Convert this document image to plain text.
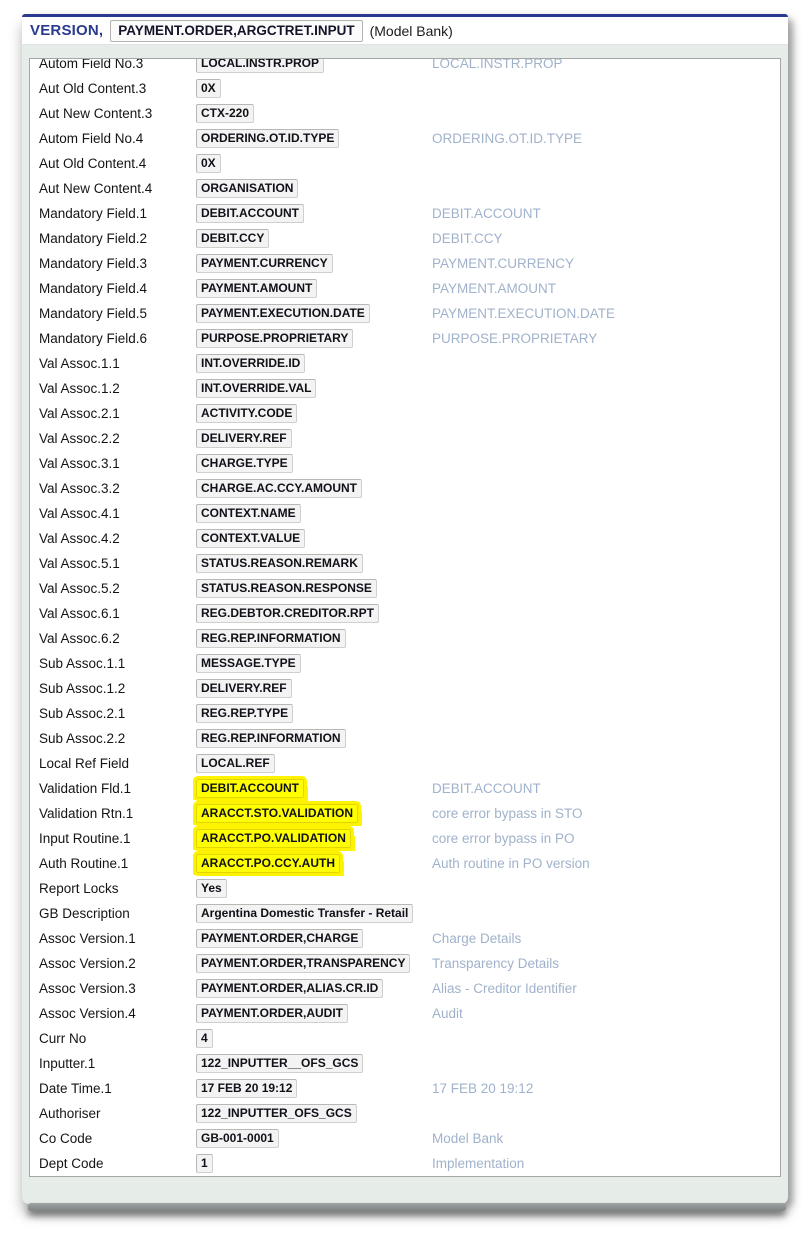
VERSION,	PAYMENT.ORDER,ARGCTRET.INPUT	(Model Bank)
Autom Field No.3	LOCAL.INSTR.PROP	LOCAL.INSTR.PROP
Aut Old Content.3	0X
Aut New Content.3	CTX-220
Autom Field No.4	ORDERING.OT.ID.TYPE	ORDERING.OT.ID.TYPE
Aut Old Content.4	0X
Aut New Content.4	ORGANISATION
Mandatory Field.1	DEBIT.ACCOUNT	DEBIT.ACCOUNT
Mandatory Field.2	DEBIT.CCY	DEBIT.CCY
Mandatory Field.3	PAYMENT.CURRENCY	PAYMENT.CURRENCY
Mandatory Field.4	PAYMENT.AMOUNT	PAYMENT.AMOUNT
Mandatory Field.5	PAYMENT.EXECUTION.DATE	PAYMENT.EXECUTION.DATE
Mandatory Field.6	PURPOSE.PROPRIETARY	PURPOSE.PROPRIETARY
Val Assoc.1.1	INT.OVERRIDE.ID
Val Assoc.1.2	INT.OVERRIDE.VAL
Val Assoc.2.1	ACTIVITY.CODE
Val Assoc.2.2	DELIVERY.REF
Val Assoc.3.1	CHARGE.TYPE
Val Assoc.3.2	CHARGE.AC.CCY.AMOUNT
Val Assoc.4.1	CONTEXT.NAME
Val Assoc.4.2	CONTEXT.VALUE
Val Assoc.5.1	STATUS.REASON.REMARK
Val Assoc.5.2	STATUS.REASON.RESPONSE
Val Assoc.6.1	REG.DEBTOR.CREDITOR.RPT
Val Assoc.6.2	REG.REP.INFORMATION
Sub Assoc.1.1	MESSAGE.TYPE
Sub Assoc.1.2	DELIVERY.REF
Sub Assoc.2.1	REG.REP.TYPE
Sub Assoc.2.2	REG.REP.INFORMATION
Local Ref Field	LOCAL.REF
Validation Fld.1	DEBIT.ACCOUNT	DEBIT.ACCOUNT
Validation Rtn.1	ARACCT.STO.VALIDATION	core error bypass in STO
Input Routine.1	ARACCT.PO.VALIDATION	core error bypass in PO
Auth Routine.1	ARACCT.PO.CCY.AUTH	Auth routine in PO version
Report Locks	Yes
GB Description	Argentina Domestic Transfer - Retail
Assoc Version.1	PAYMENT.ORDER,CHARGE	Charge Details
Assoc Version.2	PAYMENT.ORDER,TRANSPARENCY	Transparency Details
Assoc Version.3	PAYMENT.ORDER,ALIAS.CR.ID	Alias - Creditor Identifier
Assoc Version.4	PAYMENT.ORDER,AUDIT	Audit
Curr No	4
Inputter.1	122_INPUTTER__OFS_GCS
Date Time.1	17 FEB 20 19:12	17 FEB 20 19:12
Authoriser	122_INPUTTER_OFS_GCS
Co Code	GB-001-0001	Model Bank
Dept Code	1	Implementation
